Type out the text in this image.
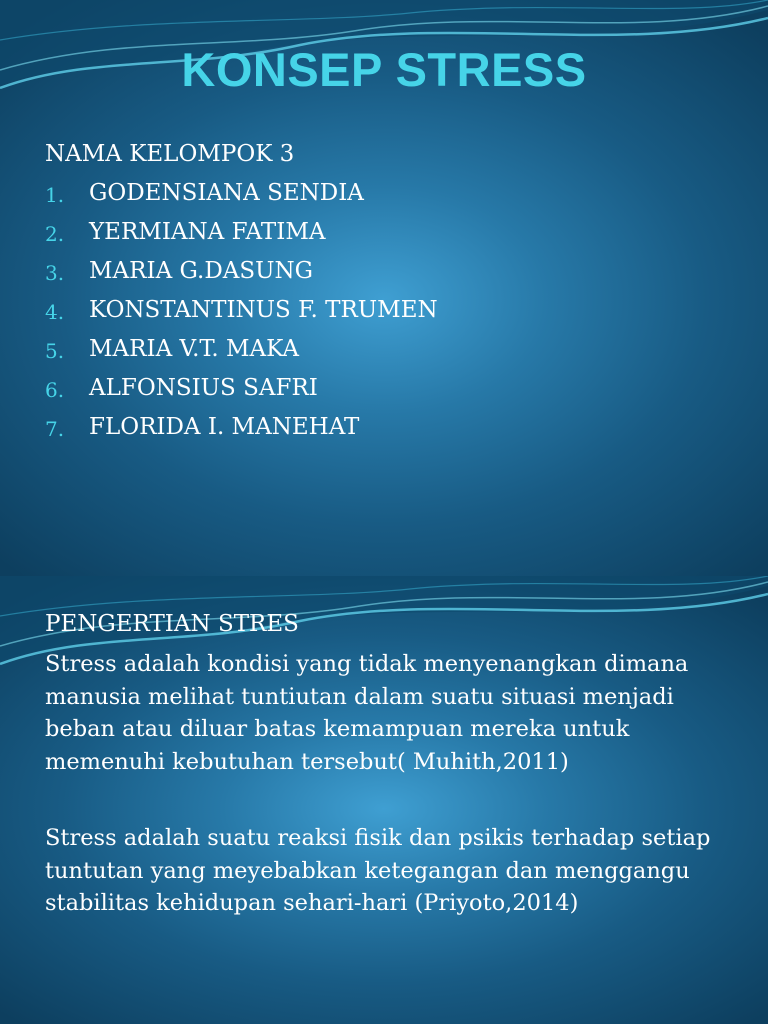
KONSEP STRESS
NAMA KELOMPOK 3
1.	GODENSIANA SENDIA
2.	YERMIANA FATIMA
3.	MARIA G.DASUNG
4.	KONSTANTINUS F. TRUMEN
5.	MARIA V.T. MAKA
6.	ALFONSIUS SAFRI
7.	FLORIDA I. MANEHAT
PENGERTIAN STRES

Stress adalah kondisi yang tidak menyenangkan dimana manusia melihat tuntiutan dalam suatu situasi menjadi beban atau diluar batas kemampuan mereka untuk memenuhi kebutuhan tersebut( Muhith,2011)

Stress adalah suatu reaksi fisik dan psikis terhadap setiap tuntutan yang meyebabkan ketegangan dan menggangu stabilitas kehidupan sehari-hari (Priyoto,2014)
